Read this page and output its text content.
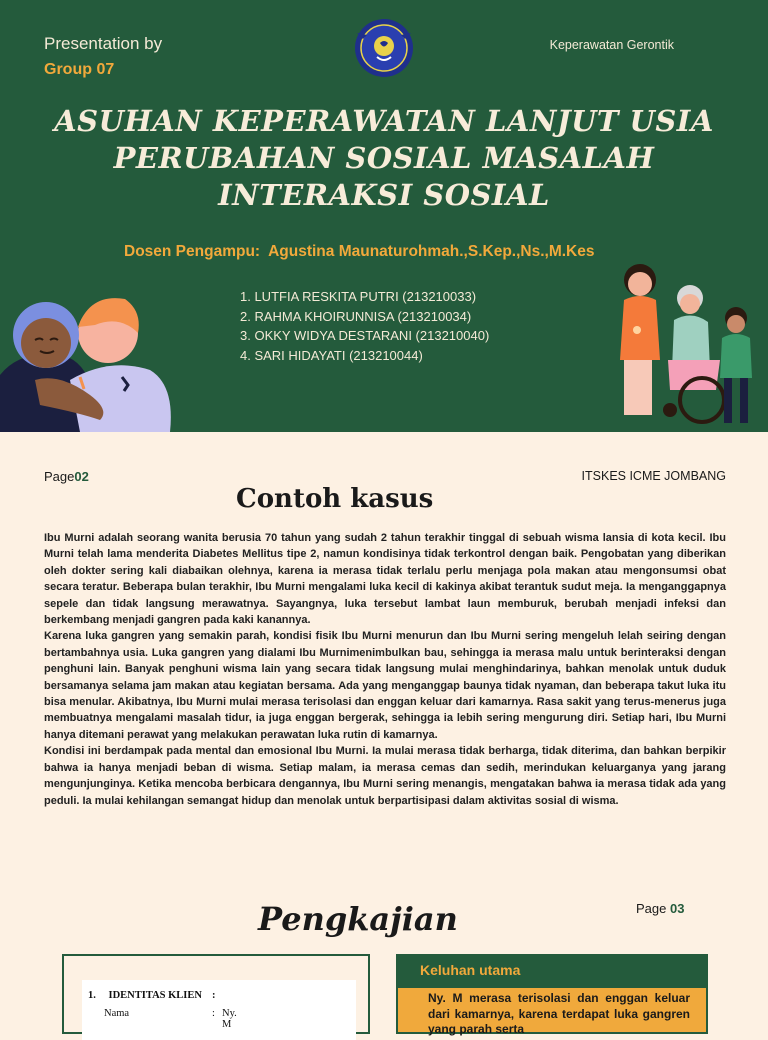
Presentation by
Group 07
Keperawatan Gerontik
ASUHAN KEPERAWATAN LANJUT USIA
PERUBAHAN SOSIAL MASALAH
INTERAKSI SOSIAL
Dosen Pengampu: Agustina Maunaturohmah.,S.Kep.,Ns.,M.Kes
1. LUTFIA RESKITA PUTRI (213210033)
2. RAHMA KHOIRUNNISA (213210034)
3. OKKY WIDYA DESTARANI (213210040)
4. SARI HIDAYATI (213210044)
Page02	ITSKES ICME JOMBANG
Contoh kasus

Ibu Murni adalah seorang wanita berusia 70 tahun yang sudah 2 tahun terakhir tinggal di sebuah wisma lansia di kota kecil. Ibu Murni telah lama menderita Diabetes Mellitus tipe 2, namun kondisinya tidak terkontrol dengan baik. Pengobatan yang diberikan oleh dokter sering kali diabaikan olehnya, karena ia merasa tidak terlalu perlu menjaga pola makan atau mengonsumsi obat secara teratur. Beberapa bulan terakhir, Ibu Murni mengalami luka kecil di kakinya akibat terantuk sudut meja. Ia menganggapnya sepele dan tidak langsung merawatnya. Sayangnya, luka tersebut lambat laun memburuk, berubah menjadi infeksi dan berkembang menjadi gangren pada kaki kanannya.

Karena luka gangren yang semakin parah, kondisi fisik Ibu Murni menurun dan Ibu Murni sering mengeluh lelah seiring dengan bertambahnya usia. Luka gangren yang dialami Ibu Murnimenimbulkan bau, sehingga ia merasa malu untuk berinteraksi dengan penghuni lain. Banyak penghuni wisma lain yang secara tidak langsung mulai menghindarinya, bahkan menolak untuk duduk bersamanya selama jam makan atau kegiatan bersama. Ada yang menganggap baunya tidak nyaman, dan beberapa takut luka itu bisa menular. Akibatnya, Ibu Murni mulai merasa terisolasi dan enggan keluar dari kamarnya. Rasa sakit yang terus-menerus juga membuatnya mengalami masalah tidur, ia juga enggan bergerak, sehingga ia lebih sering mengurung diri. Setiap hari, Ibu Murni hanya ditemani perawat yang melakukan perawatan luka rutin di kamarnya.

Kondisi ini berdampak pada mental dan emosional Ibu Murni. Ia mulai merasa tidak berharga, tidak diterima, dan bahkan berpikir bahwa ia hanya menjadi beban di wisma. Setiap malam, ia merasa cemas dan sedih, merindukan keluarganya yang jarang mengunjunginya. Ketika mencoba berbicara dengannya, Ibu Murni sering menangis, mengatakan bahwa ia merasa tidak ada yang peduli. Ia mulai kehilangan semangat hidup dan menolak untuk berpartisipasi dalam aktivitas sosial di wisma.

Pengkajian	Page 03
1. IDENTITAS KLIEN :
Nama	: Ny. M
Keluhan utama
Ny. M merasa terisolasi dan enggan keluar dari kamarnya, karena terdapat luka gangren yang parah serta
